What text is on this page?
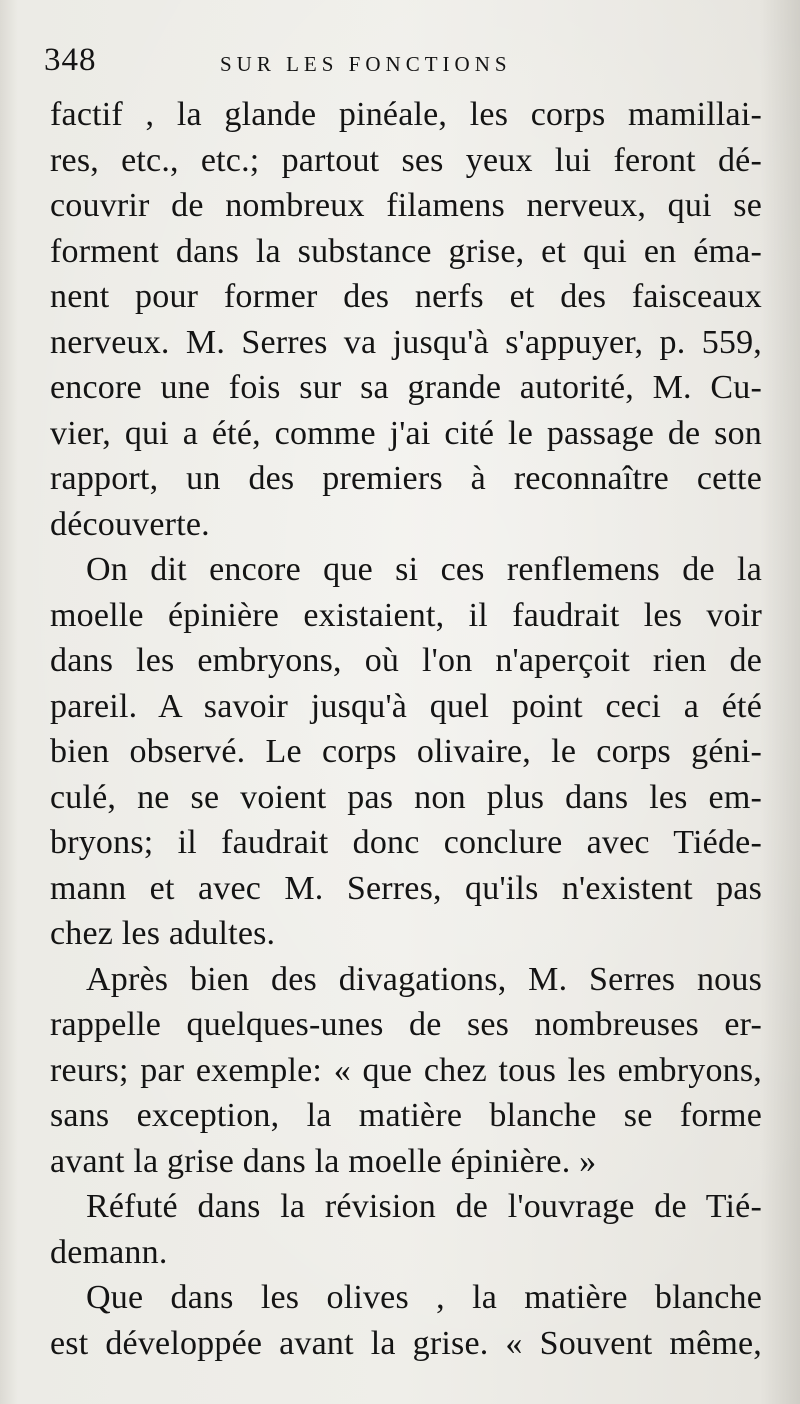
348	SUR LES FONCTIONS
factif , la glande pinéale, les corps mamillai-
res, etc., etc.; partout ses yeux lui feront dé-
couvrir de nombreux filamens nerveux, qui se
forment dans la substance grise, et qui en éma-
nent pour former des nerfs et des faisceaux
nerveux. M. Serres va jusqu'à s'appuyer, p. 559,
encore une fois sur sa grande autorité, M. Cu-
vier, qui a été, comme j'ai cité le passage de son
rapport, un des premiers à reconnaître cette
découverte.
On dit encore que si ces renflemens de la
moelle épinière existaient, il faudrait les voir
dans les embryons, où l'on n'aperçoit rien de
pareil. A savoir jusqu'à quel point ceci a été
bien observé. Le corps olivaire, le corps géni-
culé, ne se voient pas non plus dans les em-
bryons; il faudrait donc conclure avec Tiéde-
mann et avec M. Serres, qu'ils n'existent pas
chez les adultes.
Après bien des divagations, M. Serres nous
rappelle quelques-unes de ses nombreuses er-
reurs; par exemple: « que chez tous les embryons,
sans exception, la matière blanche se forme
avant la grise dans la moelle épinière. »
Réfuté dans la révision de l'ouvrage de Tié-
demann.
Que dans les olives , la matière blanche
est développée avant la grise. « Souvent même,
